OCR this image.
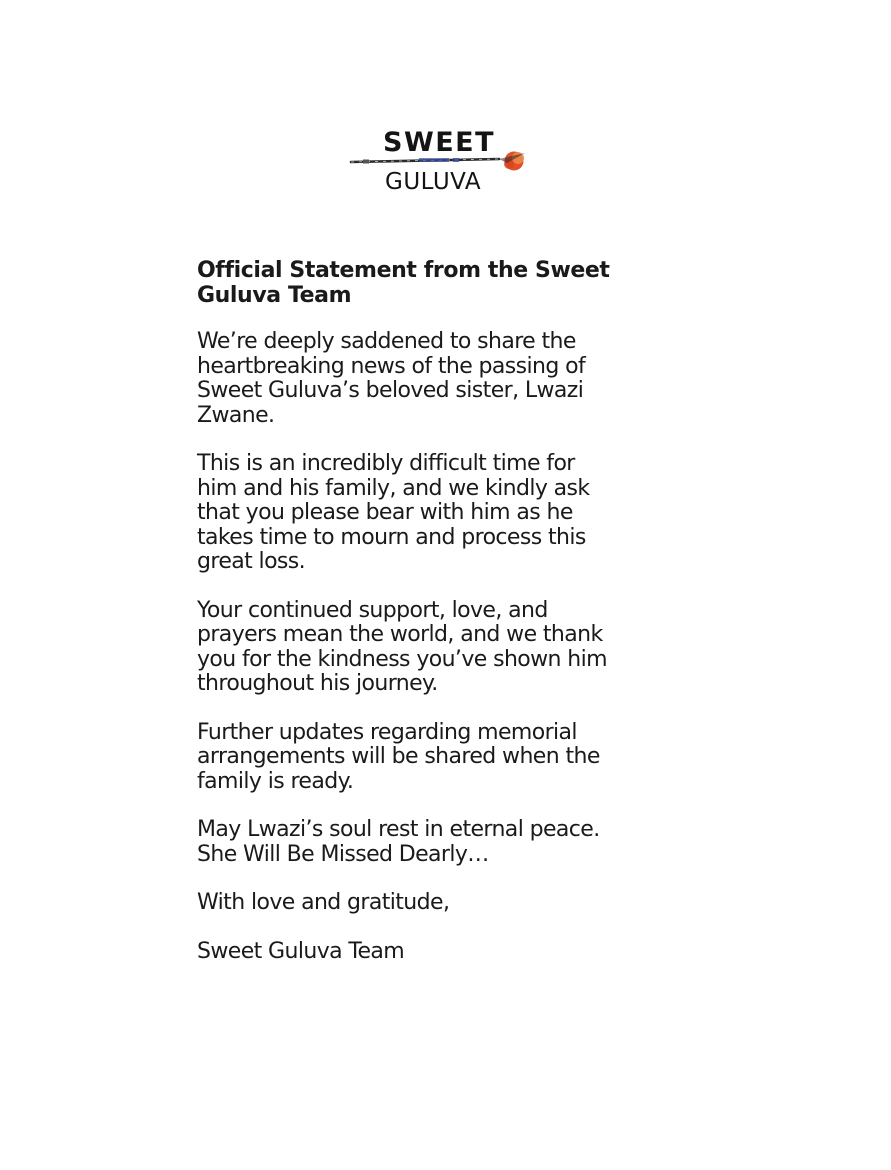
SWEET
GULUVA
Official Statement from the Sweet
Guluva Team
We’re deeply saddened to share the
heartbreaking news of the passing of
Sweet Guluva’s beloved sister, Lwazi
Zwane.
This is an incredibly difficult time for
him and his family, and we kindly ask
that you please bear with him as he
takes time to mourn and process this
great loss.
Your continued support, love, and
prayers mean the world, and we thank
you for the kindness you’ve shown him
throughout his journey.
Further updates regarding memorial
arrangements will be shared when the
family is ready.
May Lwazi’s soul rest in eternal peace.
She Will Be Missed Dearly…
With love and gratitude,
Sweet Guluva Team
